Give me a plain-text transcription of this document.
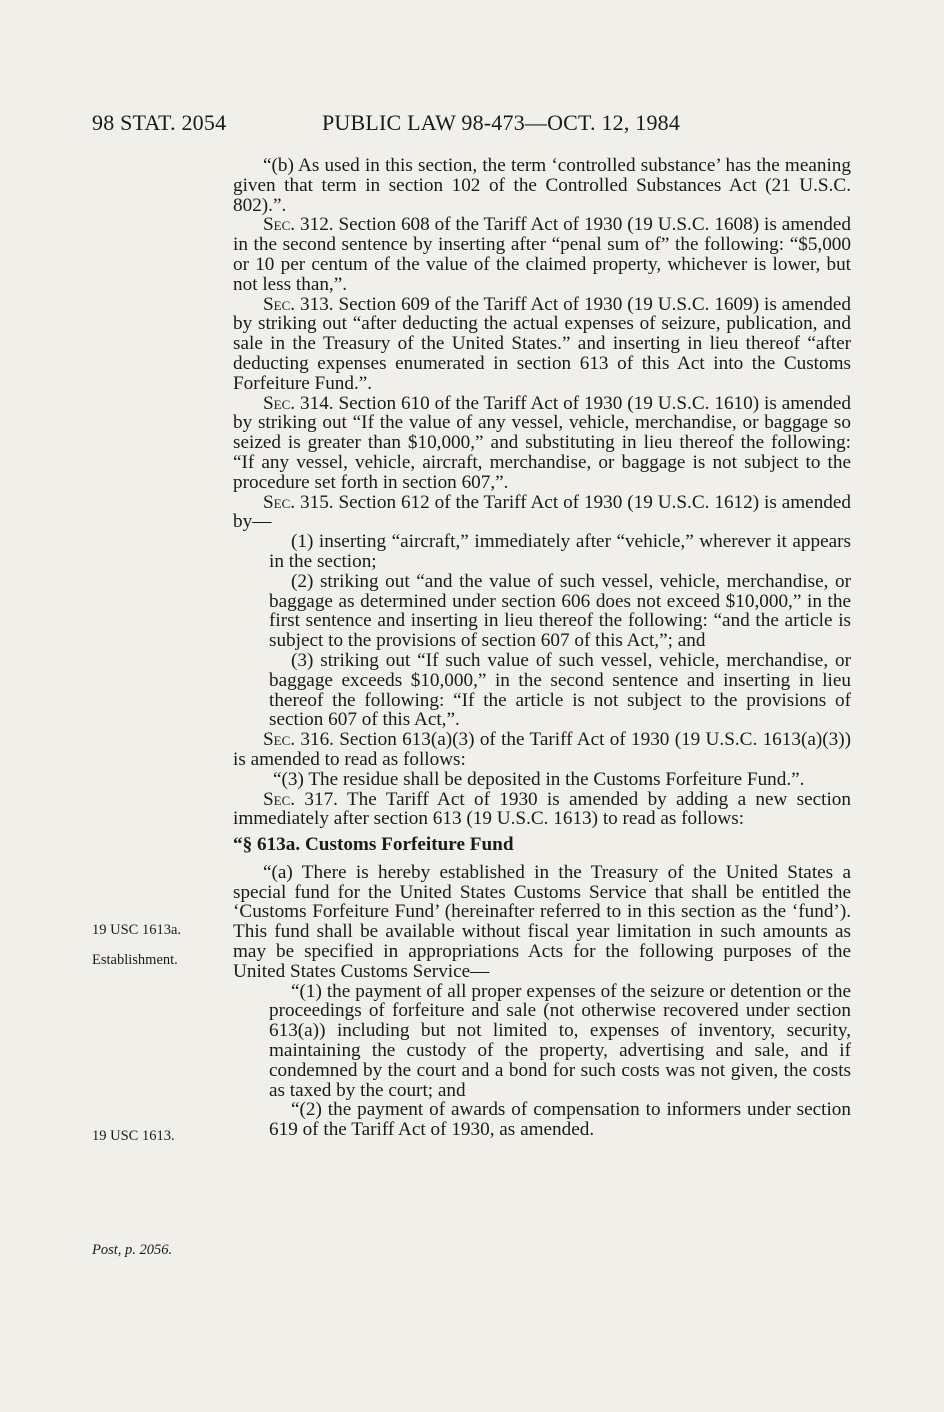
98 STAT. 2054	PUBLIC LAW 98-473—OCT. 12, 1984
19 USC 1613a.
Establishment.
19 USC 1613.
Post, p. 2056.

“(b) As used in this section, the term ‘controlled substance’ has the meaning given that term in section 102 of the Controlled Substances Act (21 U.S.C. 802).”.

Sec. 312. Section 608 of the Tariff Act of 1930 (19 U.S.C. 1608) is amended in the second sentence by inserting after “penal sum of” the following: “$5,000 or 10 per centum of the value of the claimed property, whichever is lower, but not less than,”.

Sec. 313. Section 609 of the Tariff Act of 1930 (19 U.S.C. 1609) is amended by striking out “after deducting the actual expenses of seizure, publication, and sale in the Treasury of the United States.” and inserting in lieu thereof “after deducting expenses enumerated in section 613 of this Act into the Customs Forfeiture Fund.”.

Sec. 314. Section 610 of the Tariff Act of 1930 (19 U.S.C. 1610) is amended by striking out “If the value of any vessel, vehicle, merchandise, or baggage so seized is greater than $10,000,” and substituting in lieu thereof the following: “If any vessel, vehicle, aircraft, merchandise, or baggage is not subject to the procedure set forth in section 607,”.

Sec. 315. Section 612 of the Tariff Act of 1930 (19 U.S.C. 1612) is amended by—

(1) inserting “aircraft,” immediately after “vehicle,” wherever it appears in the section;

(2) striking out “and the value of such vessel, vehicle, merchandise, or baggage as determined under section 606 does not exceed $10,000,” in the first sentence and inserting in lieu thereof the following: “and the article is subject to the provisions of section 607 of this Act,”; and

(3) striking out “If such value of such vessel, vehicle, merchandise, or baggage exceeds $10,000,” in the second sentence and inserting in lieu thereof the following: “If the article is not subject to the provisions of section 607 of this Act,”.

Sec. 316. Section 613(a)(3) of the Tariff Act of 1930 (19 U.S.C. 1613(a)(3)) is amended to read as follows:

“(3) The residue shall be deposited in the Customs Forfeiture Fund.”.

Sec. 317. The Tariff Act of 1930 is amended by adding a new section immediately after section 613 (19 U.S.C. 1613) to read as follows:

“§ 613a. Customs Forfeiture Fund

“(a) There is hereby established in the Treasury of the United States a special fund for the United States Customs Service that shall be entitled the ‘Customs Forfeiture Fund’ (hereinafter referred to in this section as the ‘fund’). This fund shall be available without fiscal year limitation in such amounts as may be specified in appropriations Acts for the following purposes of the United States Customs Service—

“(1) the payment of all proper expenses of the seizure or detention or the proceedings of forfeiture and sale (not otherwise recovered under section 613(a)) including but not limited to, expenses of inventory, security, maintaining the custody of the property, advertising and sale, and if condemned by the court and a bond for such costs was not given, the costs as taxed by the court; and

“(2) the payment of awards of compensation to informers under section 619 of the Tariff Act of 1930, as amended.
